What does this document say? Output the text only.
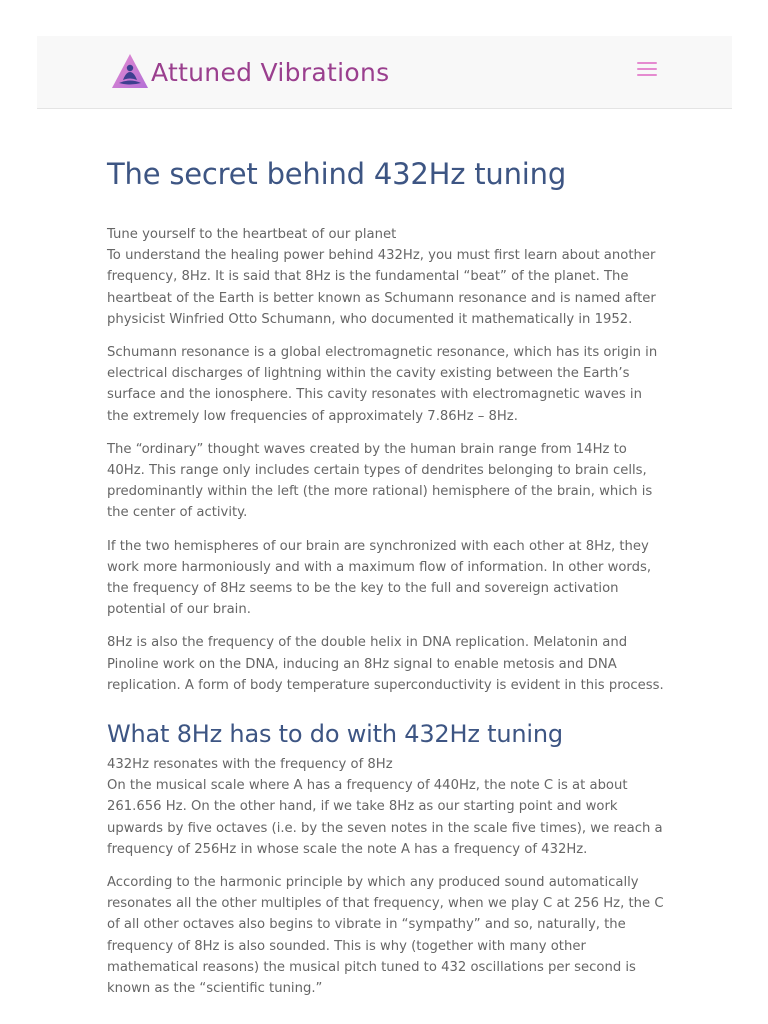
Attuned Vibrations
The secret behind 432Hz tuning

Tune yourself to the heartbeat of our planet

To understand the healing power behind 432Hz, you must first learn about another frequency, 8Hz. It is said that 8Hz is the fundamental “beat” of the planet. The heartbeat of the Earth is better known as Schumann resonance and is named after physicist Winfried Otto Schumann, who documented it mathematically in 1952.

Schumann resonance is a global electromagnetic resonance, which has its origin in electrical discharges of lightning within the cavity existing between the Earth’s surface and the ionosphere. This cavity resonates with electromagnetic waves in the extremely low frequencies of approximately 7.86Hz – 8Hz.

The “ordinary” thought waves created by the human brain range from 14Hz to 40Hz. This range only includes certain types of dendrites belonging to brain cells, predominantly within the left (the more rational) hemisphere of the brain, which is the center of activity.

If the two hemispheres of our brain are synchronized with each other at 8Hz, they work more harmoniously and with a maximum flow of information. In other words, the frequency of 8Hz seems to be the key to the full and sovereign activation potential of our brain.

8Hz is also the frequency of the double helix in DNA replication. Melatonin and Pinoline work on the DNA, inducing an 8Hz signal to enable metosis and DNA replication. A form of body temperature superconductivity is evident in this process.

What 8Hz has to do with 432Hz tuning

432Hz resonates with the frequency of 8Hz

On the musical scale where A has a frequency of 440Hz, the note C is at about 261.656 Hz. On the other hand, if we take 8Hz as our starting point and work upwards by five octaves (i.e. by the seven notes in the scale five times), we reach a frequency of 256Hz in whose scale the note A has a frequency of 432Hz.

According to the harmonic principle by which any produced sound automatically resonates all the other multiples of that frequency, when we play C at 256 Hz, the C of all other octaves also begins to vibrate in “sympathy” and so, naturally, the frequency of 8Hz is also sounded. This is why (together with many other mathematical reasons) the musical pitch tuned to 432 oscillations per second is known as the “scientific tuning.”
